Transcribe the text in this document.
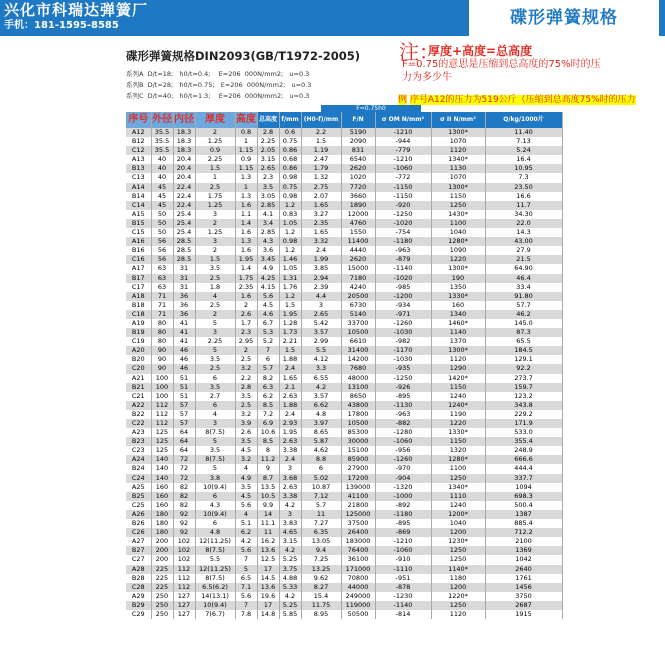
兴化市科瑞达弹簧厂
手机：181-1595-8585	碟形弹簧规格
碟形弹簧规格DIN2093(GB/T1972-2005)
系列A  D/t=18;   h0/t=0.4;    E=206  000N/mm2;   u=0.3
系列B  D/t=28;   h0/t=0.75;   E=206  000N/mm2;   u=0.3
系列C  D/t=40;   h0/t=1.3;    E=206  000N/mm2;   u=0.3
注：
厚度+高度=总高度
F=0.75的意思是压缩到总高度的75%时的压力为多少牛
例 序号A12的压力为519公斤（压缩到总高度75%时的压力
F=0.75h0
序号	外径	内径	厚度	高度	总高度	f/mm	(H0-f)/mm	F/N	σ OM N/mm²	σ II N/mm²	Q/kg/1000片
A12	35.5	18.3	2	0.8	2.8	0.6	2.2	5190	-1210	1300*	11.40
B12	35.5	18.3	1.25	1	2.25	0.75	1.5	2090	-944	1070	7.13
C12	35.5	18.3	0.9	1.15	2.05	0.86	1.19	831	-779	1120	5.24
A13	40	20.4	2.25	0.9	3.15	0.68	2.47	6540	-1210	1340*	16.4
B13	40	20.4	1.5	1.15	2.65	0.86	1.79	2620	-1060	1130	10.95
C13	40	20.4	1	1.3	2.3	0.98	1.32	1020	-772	1070	7.3
A14	45	22.4	2.5	1	3.5	0.75	2.75	7720	-1150	1300*	23.50
B14	45	22.4	1.75	1.3	3.05	0.98	2.07	3660	-1150	1150	16.6
C14	45	22.4	1.25	1.6	2.85	1.2	1.65	1890	-920	1250	11.7
A15	50	25.4	3	1.1	4.1	0.83	3.27	12000	-1250	1430*	34.30
B15	50	25.4	2	1.4	3.4	1.05	2.35	4760	-1020	1100	22.0
C15	50	25.4	1.25	1.6	2.85	1.2	1.65	1550	-754	1040	14.3
A16	56	28.5	3	1.3	4.3	0.98	3.32	11400	-1180	1280*	43.00
B16	56	28.5	2	1.6	3.6	1.2	2.4	4440	-963	1090	27.9
C16	56	28.5	1.5	1.95	3.45	1.46	1.99	2620	-879	1220	21.5
A17	63	31	3.5	1.4	4.9	1.05	3.85	15000	-1140	1300*	64.90
B17	63	31	2.5	1.75	4.25	1.31	2.94	7180	-1020	190	46.4
C17	63	31	1.8	2.35	4.15	1.76	2.39	4240	-985	1350	33.4
A18	71	36	4	1.6	5.6	1.2	4.4	20500	-1200	1330*	91.80
B18	71	36	2.5	2	4.5	1.5	3	6730	-934	160	57.7
C18	71	36	2	2.6	4.6	1.95	2.65	5140	-971	1340	46.2
A19	80	41	5	1.7	6.7	1.28	5.42	33700	-1260	1460*	145.0
B19	80	41	3	2.3	5.3	1.73	3.57	10500	-1030	1140	87.3
C19	80	41	2.25	2.95	5.2	2.21	2.99	6610	-982	1370	65.5
A20	90	46	5	2	7	1.5	5.5	31400	-1170	1300*	184.5
B20	90	46	3.5	2.5	6	1.88	4.12	14200	-1030	1120	129.1
C20	90	46	2.5	3.2	5.7	2.4	3.3	7680	-935	1290	92.2
A21	100	51	6	2.2	8.2	1.65	6.55	48000	-1250	1420*	273.7
B21	100	51	3.5	2.8	6.3	2.1	4.2	13100	-926	1150	159.7
C21	100	51	2.7	3.5	6.2	2.63	3.57	8650	-895	1240	123.2
A22	112	57	6	2.5	8.5	1.88	6.62	43800	-1130	1240*	343.8
B22	112	57	4	3.2	7.2	2.4	4.8	17800	-963	1190	229.2
C22	112	57	3	3.9	6.9	2.93	3.97	10500	-882	1220	171.9
A23	125	64	8(7.5)	2.6	10.6	1.95	8.65	85300	-1280	1330*	533.0
B23	125	64	5	3.5	8.5	2.63	5.87	30000	-1060	1150	355.4
C23	125	64	3.5	4.5	8	3.38	4.62	15100	-956	1320	248.9
A24	140	72	8(7.5)	3.2	11.2	2.4	8.8	85900	-1260	1280*	666.6
B24	140	72	5	4	9	3	6	27900	-970	1100	444.4
C24	140	72	3.8	4.9	8.7	3.68	5.02	17200	-904	1250	337.7
A25	160	82	10(9.4)	3.5	13.5	2.63	10.87	139000	-1320	1340*	1094
B25	160	82	6	4.5	10.5	3.38	7.12	41100	-1000	1110	698.3
C25	160	82	4.3	5.6	9.9	4.2	5.7	21800	-892	1240	500.4
A26	180	92	10(9.4)	4	14	3	11	125000	-1180	1200*	1387
B26	180	92	6	5.1	11.1	3.83	7.27	37500	-895	1040	885.4
C26	180	92	4.8	6.2	11	4.65	6.35	26400	-869	1200	712.2
A27	200	102	12(11.25)	4.2	16.2	3.15	13.05	183000	-1210	1230*	2100
B27	200	102	8(7.5)	5.6	13.6	4.2	9.4	76400	-1060	1250	1369
C27	200	102	5.5	7	12.5	5.25	7.25	36100	-910	1250	1042
A28	225	112	12(11.25)	5	17	3.75	13.25	171000	-1110	1140*	2640
B28	225	112	8(7.5)	6.5	14.5	4.88	9.62	70800	-951	1180	1761
C28	225	112	6.5(6.2)	7.1	13.6	5.33	8.27	44000	-878	1200	1456
A29	250	127	14(13.1)	5.6	19.6	4.2	15.4	249000	-1230	1220*	3750
B29	250	127	10(9.4)	7	17	5.25	11.75	119000	-1140	1250	2687
C29	250	127	7(6.7)	7.8	14.8	5.85	8.95	50500	-814	1120	1915
